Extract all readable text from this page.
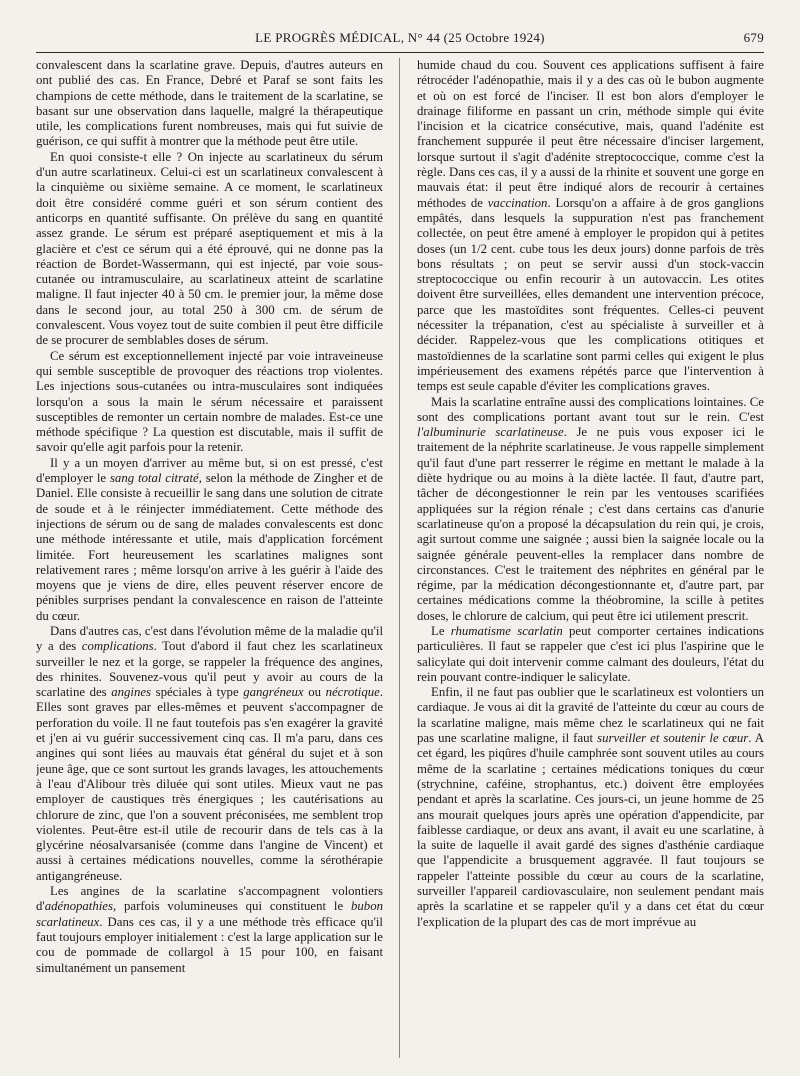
LE PROGRÈS MÉDICAL, N° 44 (25 Octobre 1924)	679

convalescent dans la scarlatine grave. Depuis, d'autres auteurs en ont publié des cas. En France, Debré et Paraf se sont faits les champions de cette méthode, dans le traitement de la scarlatine, se basant sur une observation dans laquelle, malgré la thérapeutique utile, les complications furent nombreuses, mais qui fut suivie de guérison, ce qui suffit à montrer que la méthode peut être utile.

En quoi consiste-t elle ? On injecte au scarlatineux du sérum d'un autre scarlatineux. Celui-ci est un scarlatineux convalescent à la cinquième ou sixième semaine. A ce moment, le scarlatineux doit être considéré comme guéri et son sérum contient des anticorps en quantité suffisante. On prélève du sang en quantité assez grande. Le sérum est préparé aseptiquement et mis à la glacière et c'est ce sérum qui a été éprouvé, qui ne donne pas la réaction de Bordet-Wassermann, qui est injecté, par voie sous-cutanée ou intramusculaire, au scarlatineux atteint de scarlatine maligne. Il faut injecter 40 à 50 cm. le premier jour, la même dose dans le second jour, au total 250 à 300 cm. de sérum de convalescent. Vous voyez tout de suite combien il peut être difficile de se procurer de semblables doses de sérum.

Ce sérum est exceptionnellement injecté par voie intraveineuse qui semble susceptible de provoquer des réactions trop violentes. Les injections sous-cutanées ou intra-musculaires sont indiquées lorsqu'on a sous la main le sérum nécessaire et paraissent susceptibles de remonter un certain nombre de malades. Est-ce une méthode spécifique ? La question est discutable, mais il suffit de savoir qu'elle agit parfois pour la retenir.

Il y a un moyen d'arriver au même but, si on est pressé, c'est d'employer le sang total citraté, selon la méthode de Zingher et de Daniel. Elle consiste à recueillir le sang dans une solution de citrate de soude et à le réinjecter immédiatement. Cette méthode des injections de sérum ou de sang de malades convalescents est donc une méthode intéressante et utile, mais d'application forcément limitée. Fort heureusement les scarlatines malignes sont relativement rares ; même lorsqu'on arrive à les guérir à l'aide des moyens que je viens de dire, elles peuvent réserver encore de pénibles surprises pendant la convalescence en raison de l'atteinte du cœur.

Dans d'autres cas, c'est dans l'évolution même de la maladie qu'il y a des complications. Tout d'abord il faut chez les scarlatineux surveiller le nez et la gorge, se rappeler la fréquence des angines, des rhinites. Souvenez-vous qu'il peut y avoir au cours de la scarlatine des angines spéciales à type gangréneux ou nécrotique. Elles sont graves par elles-mêmes et peuvent s'accompagner de perforation du voile. Il ne faut toutefois pas s'en exagérer la gravité et j'en ai vu guérir successivement cinq cas. Il m'a paru, dans ces angines qui sont liées au mauvais état général du sujet et à son jeune âge, que ce sont surtout les grands lavages, les attouchements à l'eau d'Alibour très diluée qui sont utiles. Mieux vaut ne pas employer de caustiques très énergiques ; les cautérisations au chlorure de zinc, que l'on a souvent préconisées, me semblent trop violentes. Peut-être est-il utile de recourir dans de tels cas à la glycérine néosalvarsanisée (comme dans l'angine de Vincent) et aussi à certaines médications nouvelles, comme la sérothérapie antigangréneuse.

Les angines de la scarlatine s'accompagnent volontiers d'adénopathies, parfois volumineuses qui constituent le bubon scarlatineux. Dans ces cas, il y a une méthode très efficace qu'il faut toujours employer initialement : c'est la large application sur le cou de pommade de collargol à 15 pour 100, en faisant simultanément un pansement

humide chaud du cou. Souvent ces applications suffisent à faire rétrocéder l'adénopathie, mais il y a des cas où le bubon augmente et où on est forcé de l'inciser. Il est bon alors d'employer le drainage filiforme en passant un crin, méthode simple qui évite l'incision et la cicatrice consécutive, mais, quand l'adénite est franchement suppurée il peut être nécessaire d'inciser largement, lorsque surtout il s'agit d'adénite streptococcique, comme c'est la règle. Dans ces cas, il y a aussi de la rhinite et souvent une gorge en mauvais état: il peut être indiqué alors de recourir à certaines méthodes de vaccination. Lorsqu'on a affaire à de gros ganglions empâtés, dans lesquels la suppuration n'est pas franchement collectée, on peut être amené à employer le propidon qui à petites doses (un 1/2 cent. cube tous les deux jours) donne parfois de très bons résultats ; on peut se servir aussi d'un stock-vaccin streptococcique ou enfin recourir à un autovaccin. Les otites doivent être surveillées, elles demandent une intervention précoce, parce que les mastoïdites sont fréquentes. Celles-ci peuvent nécessiter la trépanation, c'est au spécialiste à surveiller et à décider. Rappelez-vous que les complications otitiques et mastoïdiennes de la scarlatine sont parmi celles qui exigent le plus impérieusement des examens répétés parce que l'intervention à temps est seule capable d'éviter les complications graves.

Mais la scarlatine entraîne aussi des complications lointaines. Ce sont des complications portant avant tout sur le rein. C'est l'albuminurie scarlatineuse. Je ne puis vous exposer ici le traitement de la néphrite scarlatineuse. Je vous rappelle simplement qu'il faut d'une part resserrer le régime en mettant le malade à la diète hydrique ou au moins à la diète lactée. Il faut, d'autre part, tâcher de décongestionner le rein par les ventouses scarifiées appliquées sur la région rénale ; c'est dans certains cas d'anurie scarlatineuse qu'on a proposé la décapsulation du rein qui, je crois, agit surtout comme une saignée ; aussi bien la saignée locale ou la saignée générale peuvent-elles la remplacer dans nombre de circonstances. C'est le traitement des néphrites en général par le régime, par la médication décongestionnante et, d'autre part, par certaines médications comme la théobromine, la scille à petites doses, le chlorure de calcium, qui peut être ici utilement prescrit.

Le rhumatisme scarlatin peut comporter certaines indications particulières. Il faut se rappeler que c'est ici plus l'aspirine que le salicylate qui doit intervenir comme calmant des douleurs, l'état du rein pouvant contre-indiquer le salicylate.

Enfin, il ne faut pas oublier que le scarlatineux est volontiers un cardiaque. Je vous ai dit la gravité de l'atteinte du cœur au cours de la scarlatine maligne, mais même chez le scarlatineux qui ne fait pas une scarlatine maligne, il faut surveiller et soutenir le cœur. A cet égard, les piqûres d'huile camphrée sont souvent utiles au cours même de la scarlatine ; certaines médications toniques du cœur (strychnine, caféine, strophantus, etc.) doivent être employées pendant et après la scarlatine. Ces jours-ci, un jeune homme de 25 ans mourait quelques jours après une opération d'appendicite, par faiblesse cardiaque, or deux ans avant, il avait eu une scarlatine, à la suite de laquelle il avait gardé des signes d'asthénie cardiaque que l'appendicite a brusquement aggravée. Il faut toujours se rappeler l'atteinte possible du cœur au cours de la scarlatine, surveiller l'appareil cardiovasculaire, non seulement pendant mais après la scarlatine et se rappeler qu'il y a dans cet état du cœur l'explication de la plupart des cas de mort imprévue au
